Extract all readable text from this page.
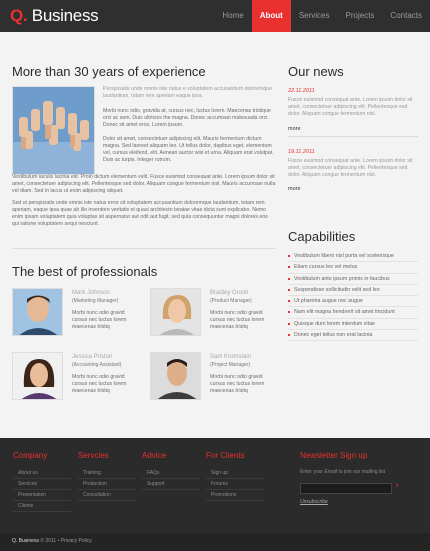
Q. Business	Home	About	Services	Projects	Contacts
More than 30 years of experience

Perspiciatis unde omnis iste natus e voluptatem accusantium doloremque laudantium, totam rem aperiam eaque ipsa.

Morbi nunc odio, gravida at, cursus nec, luctus lorem. Maecenas tristique orci ac sem. Duis ultricies the magna. Donec accumsan malesuada orci. Donec sit amet eros. Lorem ipsum.

Dolor sit amet, consectetuer adipiscing elit. Mauris fermentum dictum magna. Sed laoreet aliquam leo. Ut tellus dolor, dapibus eget, elementum vel, cursus eleifend, elit. Aenean auctor wisi et urna. Aliquam erat volutpat. Duis ac turpis. Integer rutrum.

Vestibulum iaculis lacinia est. Proin dictum elementum velit. Fusce euismod consequat ante. Lorem ipsum dolor sit amet, consectetuer adipiscing elit. Pellentesque sed dolor. Aliquam congue fermentum nisl. Mauris accumsan nulla vel diam. Sed in lacus ut enim adipiscing aliquet.

Sed ut perspiciatis unde omnis iste natus error sit voluptatem accusantium doloremque laudantium, totam rem aperiam, eaque ipsa quae ab illo inventore veritatis et quasi architecto beatae vitae dicta sunt explicabo. Nemo enim ipsam voluptatem quia voluptas sit aspernatur aut odit aut fugit, sed quia consequuntur magni dolores eos qui ratione voluptatem sequi nesciunt.

Our news
22.11.2011

Fusce euismod consequat ante. Lorem ipsum dolor sit amet, consectetuer adipiscing elit. Pellentesque sed dolor. Aliquam congue fermentum nisl.

more
19.11.2011

Fusce euismod consequat ante. Lorem ipsum dolor sit amet, consectetuer adipiscing elit. Pellentesque sed dolor. Aliquam congue fermentum nisl.

more
Capabilities
Vestibulum libero nisl porta vel scelerisque
Etiam cursus leo vel metus
Vestibulum ante ipsum primis in faucibus
Suspendisse sollicitudin velit sed leo
Ut pharetra augue nec augue
Nam elit magna hendrerit sit amet tincidunt
Quisque dum lorem interdum vitae
Donec eget tellus non erat lacinia
The best of professionals
Mark Johnson
(Marketing Manager)

Morbi nunc odio gravid cursus nec luctus lorem maecenas tristiq

Bradley Grosh
(Product Manager)

Morbi nunc odio gravid cursus nec luctus lorem maecenas tristiq

Jessica Priston
(Accounting Assistant)

Morbi nunc odio gravid cursus nec luctus lorem maecenas tristiq

Sam Kromstain
(Project Manager)

Morbi nunc odio gravid cursus nec luctus lorem maecenas tristiq

Company
About us
Services
Presentation
Clients
Servcies
Training
Production
Consultation
Advice
FAQs
Support
For Clients
Sign up
Forums
Promotions
Newsletter Sign up
Enter your Email to join our mailing list
›
Unsubscribe
Q. Business © 2011 • Privacy Policy
